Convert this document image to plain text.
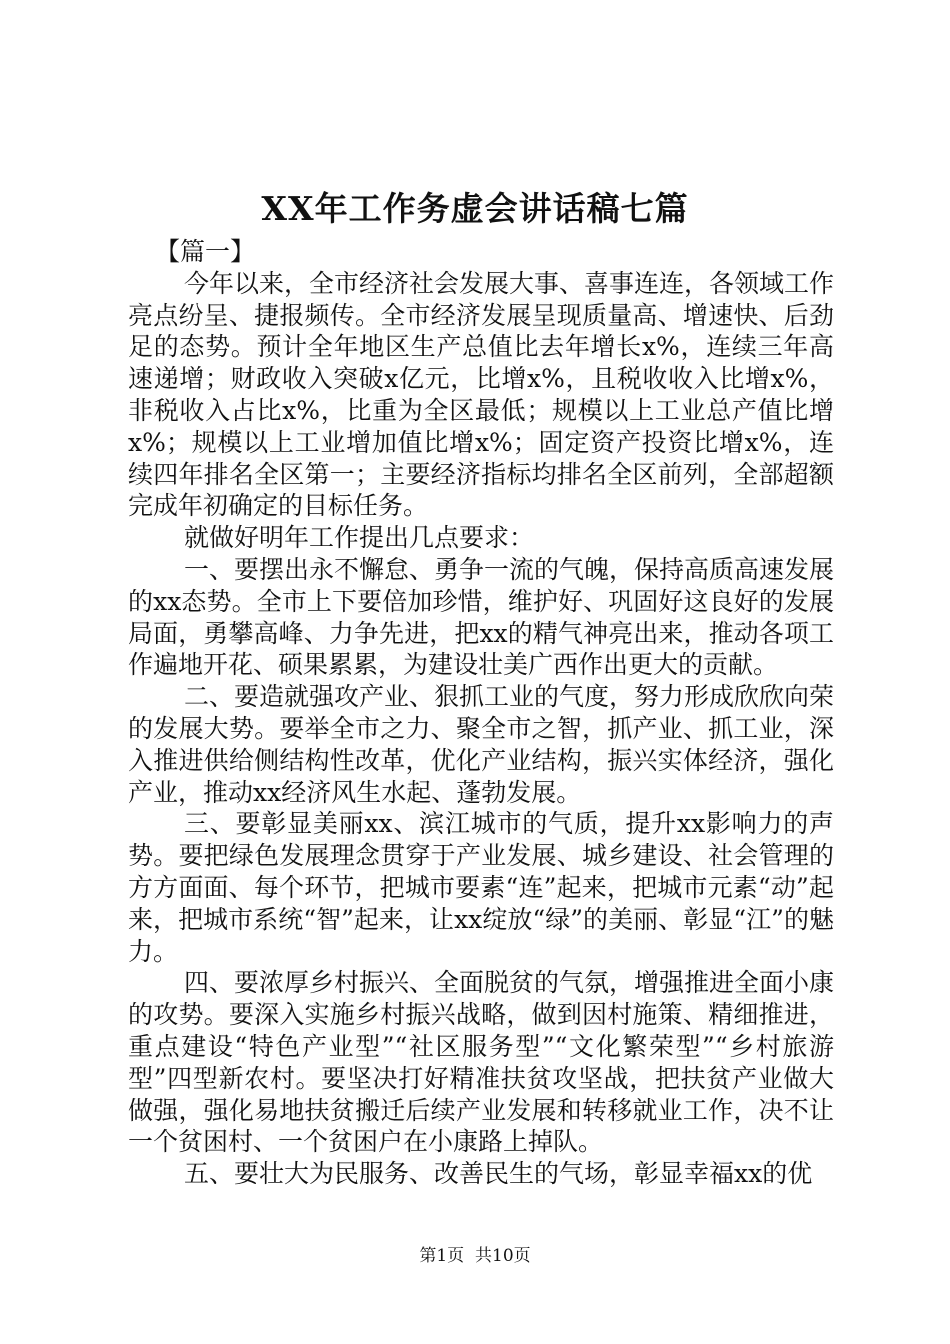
XX年工作务虚会讲话稿七篇

【篇一】

今年以来，全市经济社会发展大事、喜事连连，各领域工作亮点纷呈、捷报频传。全市经济发展呈现质量高、增速快、后劲足的态势。预计全年地区生产总值比去年增长x%，连续三年高速递增；财政收入突破x亿元，比增x%，且税收收入比增x%，非税收入占比x%，比重为全区最低；规模以上工业总产值比增x%；规模以上工业增加值比增x%；固定资产投资比增x%，连续四年排名全区第一；主要经济指标均排名全区前列，全部超额完成年初确定的目标任务。

就做好明年工作提出几点要求：

一、要摆出永不懈怠、勇争一流的气魄，保持高质高速发展的xx态势。全市上下要倍加珍惜，维护好、巩固好这良好的发展局面，勇攀高峰、力争先进，把xx的精气神亮出来，推动各项工作遍地开花、硕果累累，为建设壮美广西作出更大的贡献。

二、要造就强攻产业、狠抓工业的气度，努力形成欣欣向荣的发展大势。要举全市之力、聚全市之智，抓产业、抓工业，深入推进供给侧结构性改革，优化产业结构，振兴实体经济，强化产业，推动xx经济风生水起、蓬勃发展。

三、要彰显美丽xx、滨江城市的气质，提升xx影响力的声势。要把绿色发展理念贯穿于产业发展、城乡建设、社会管理的方方面面、每个环节，把城市要素“连”起来，把城市元素“动”起来，把城市系统“智”起来，让xx绽放“绿”的美丽、彰显“江”的魅力。

四、要浓厚乡村振兴、全面脱贫的气氛，增强推进全面小康的攻势。要深入实施乡村振兴战略，做到因村施策、精细推进，重点建设“特色产业型”“社区服务型”“文化繁荣型”“乡村旅游型”四型新农村。要坚决打好精准扶贫攻坚战，把扶贫产业做大做强，强化易地扶贫搬迁后续产业发展和转移就业工作，决不让一个贫困村、一个贫困户在小康路上掉队。

五、要壮大为民服务、改善民生的气场，彰显幸福xx的优

第1页 共10页
